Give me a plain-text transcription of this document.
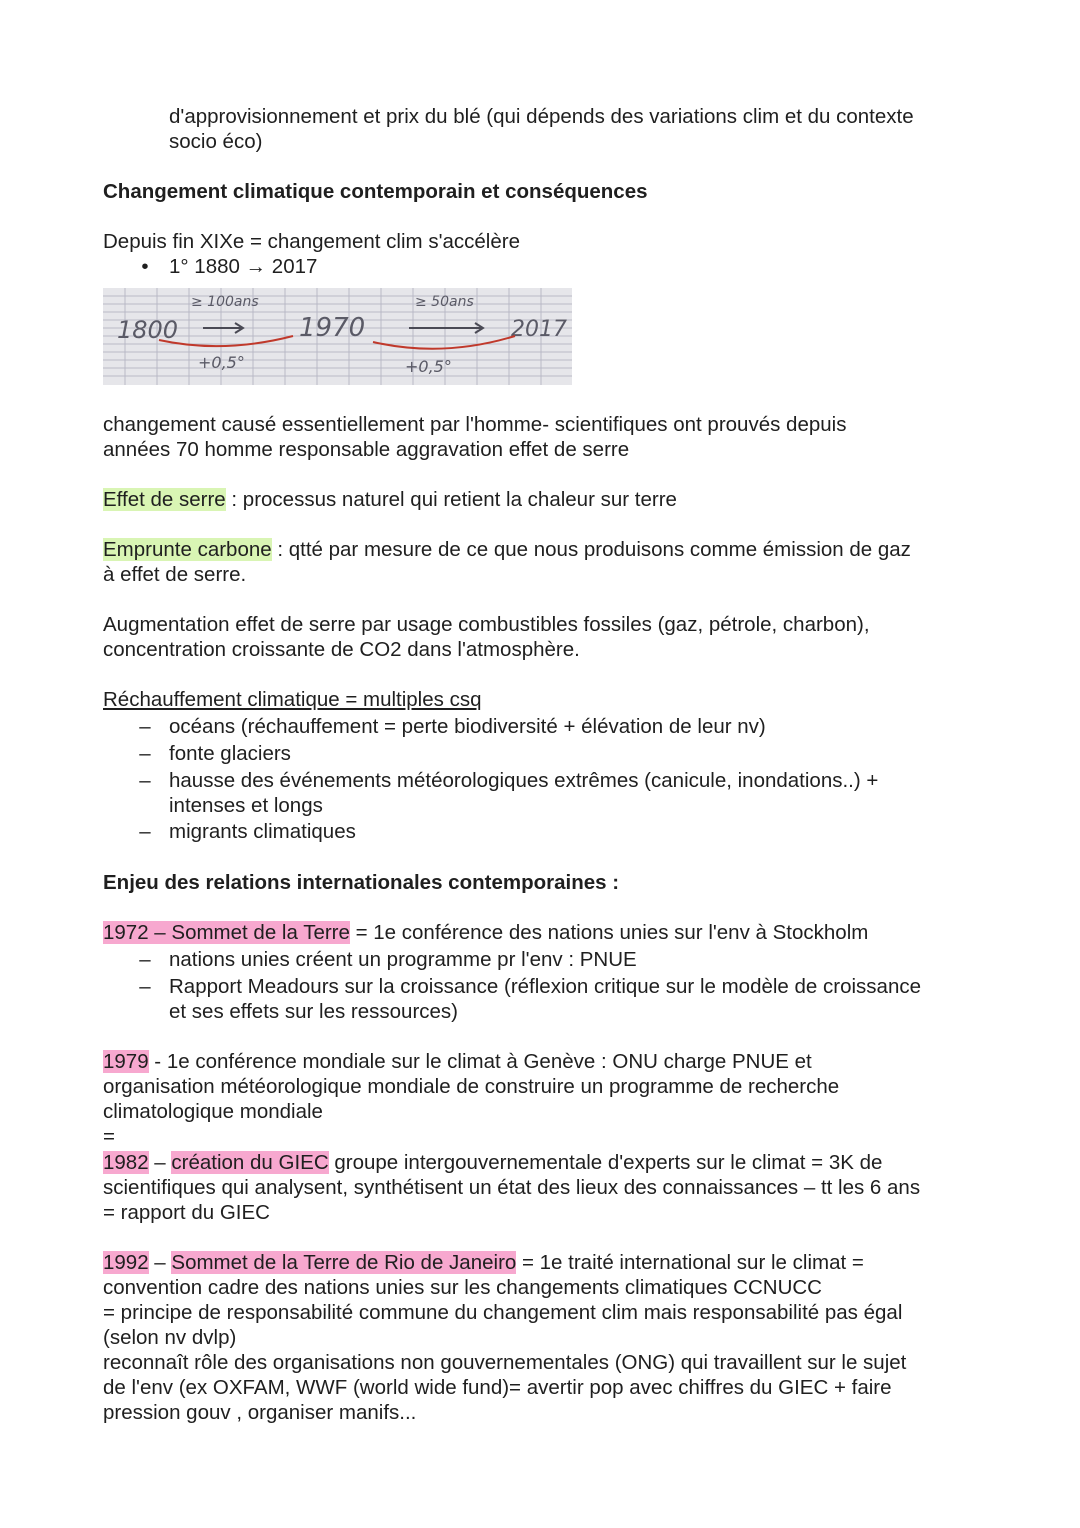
d'approvisionnement et prix du blé (qui dépends des variations clim et du contexte

socio éco)

Changement climatique contemporain et conséquences

Depuis fin XIXe = changement clim s'accélère

• 1° 1880 → 2017
1800	1970	2017
≥ 100ans	≥ 50ans
+0,5°	+0,5°

changement causé essentiellement par l'homme- scientifiques ont prouvés depuis

années 70 homme responsable aggravation effet de serre

Effet de serre : processus naturel qui retient la chaleur sur terre

Emprunte carbone : qtté par mesure de ce que nous produisons comme émission de gaz

à effet de serre.

Augmentation effet de serre par usage combustibles fossiles (gaz, pétrole, charbon),

concentration croissante de CO2 dans l'atmosphère.

Réchauffement climatique = multiples csq

– océans (réchauffement = perte biodiversité + élévation de leur nv)
– fonte glaciers
– hausse des événements météorologiques extrêmes (canicule, inondations..) +

intenses et longs

– migrants climatiques

Enjeu des relations internationales contemporaines :

1972 – Sommet de la Terre = 1e conférence des nations unies sur l'env à Stockholm

– nations unies créent un programme pr l'env : PNUE
– Rapport Meadours sur la croissance (réflexion critique sur le modèle de croissance

et ses effets sur les ressources)

1979 - 1e conférence mondiale sur le climat à Genève : ONU charge PNUE et

organisation météorologique mondiale de construire un programme de recherche

climatologique mondiale

=

1982 – création du GIEC groupe intergouvernementale d'experts sur le climat = 3K de

scientifiques qui analysent, synthétisent un état des lieux des connaissances – tt les 6 ans

= rapport du GIEC

1992 – Sommet de la Terre de Rio de Janeiro = 1e traité international sur le climat =

convention cadre des nations unies sur les changements climatiques CCNUCC

= principe de responsabilité commune du changement clim mais responsabilité pas égal

(selon nv dvlp)

reconnaît rôle des organisations non gouvernementales (ONG) qui travaillent sur le sujet

de l'env (ex OXFAM, WWF (world wide fund)= avertir pop avec chiffres du GIEC + faire

pression gouv , organiser manifs...
